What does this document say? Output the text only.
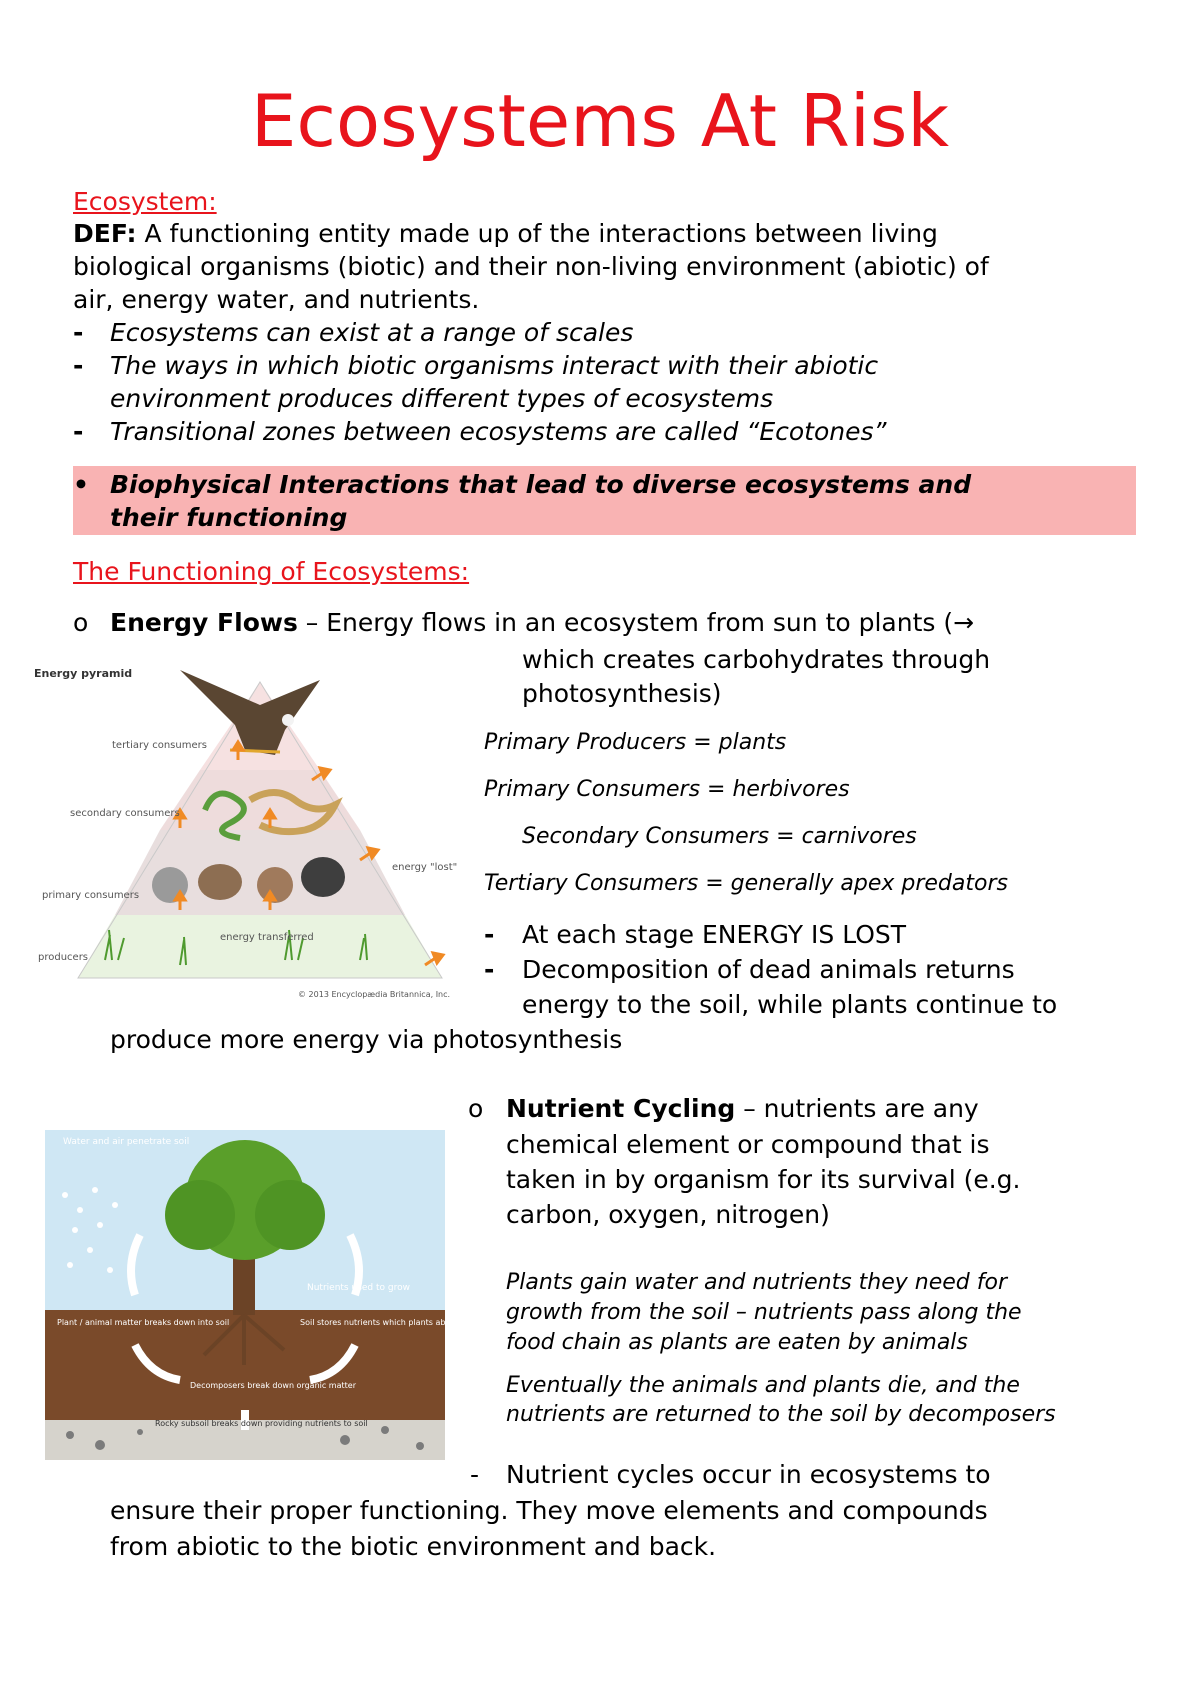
Ecosystems At Risk
Ecosystem:
DEF: A functioning entity made up of the interactions between living
biological organisms (biotic) and their non-living environment (abiotic) of
air, energy water, and nutrients.
- Ecosystems can exist at a range of scales
- The ways in which biotic organisms interact with their abiotic
environment produces different types of ecosystems
- Transitional zones between ecosystems are called “Ecotones”
• Biophysical Interactions that lead to diverse ecosystems and
their functioning
The Functioning of Ecosystems:
o Energy Flows – Energy flows in an ecosystem from sun to plants (→
which creates carbohydrates through
photosynthesis)
Primary Producers = plants
Primary Consumers = herbivores
Secondary Consumers = carnivores
Tertiary Consumers = generally apex predators
- At each stage ENERGY IS LOST
- Decomposition of dead animals returns
energy to the soil, while plants continue to
produce more energy via photosynthesis
Energy pyramid
tertiary consumers
secondary consumers
primary consumers
producers
energy "lost"
energy transferred
© 2013 Encyclopædia Britannica, Inc.
o Nutrient Cycling – nutrients are any
chemical element or compound that is
taken in by organism for its survival (e.g.
carbon, oxygen, nitrogen)
Plants gain water and nutrients they need for
growth from the soil – nutrients pass along the
food chain as plants are eaten by animals
Eventually the animals and plants die, and the
nutrients are returned to the soil by decomposers
- Nutrient cycles occur in ecosystems to
ensure their proper functioning. They move elements and compounds
from abiotic to the biotic environment and back.
Water and air penetrate soil
Nutrients used to grow
Plant / animal matter breaks down into soil	Soil stores nutrients which plants absorb
Decomposers break down organic matter
Rocky subsoil breaks down providing nutrients to soil
